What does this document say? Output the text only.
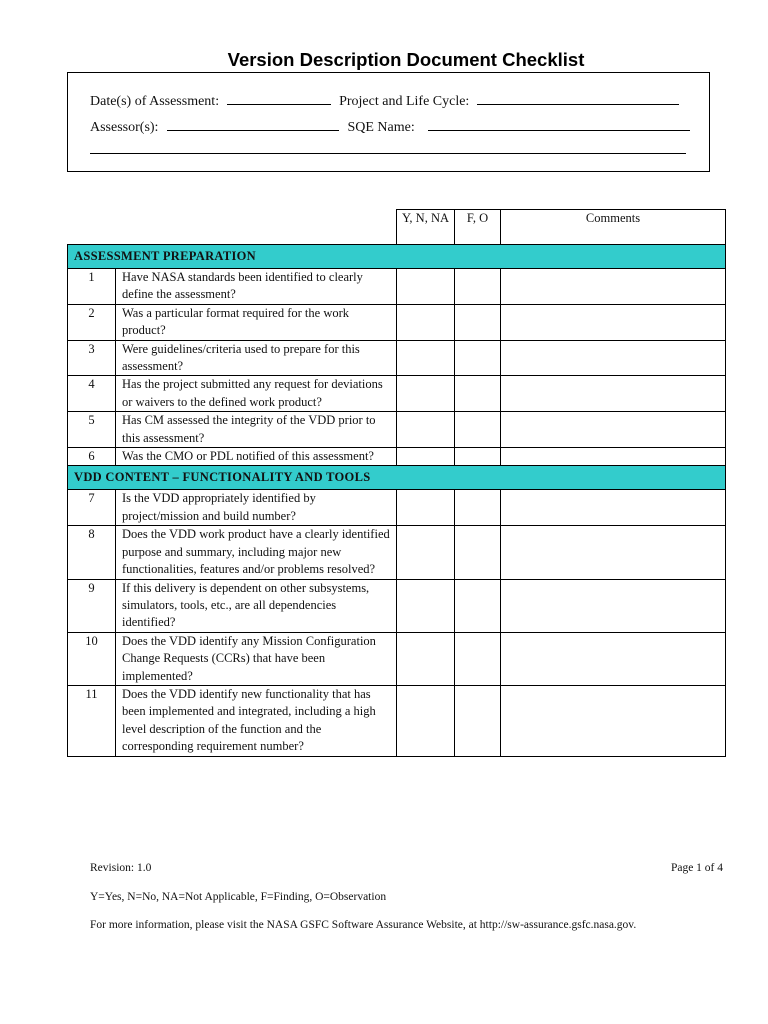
Version Description Document Checklist
Date(s) of Assessment:	Project and Life Cycle:
Assessor(s):	SQE Name:
		Y, N, NA	F, O	Comments
ASSESSMENT PREPARATION				
1	Have NASA standards been identified to clearly define the assessment?			
2	Was a particular format required for the work product?			
3	Were guidelines/criteria used to prepare for this assessment?			
4	Has the project submitted any request for deviations or waivers to the defined work product?			
5	Has CM assessed the integrity of the VDD prior to this assessment?			
6	Was the CMO or PDL notified of this assessment?			
VDD CONTENT – FUNCTIONALITY AND TOOLS				
7	Is the VDD appropriately identified by project/mission and build number?			
8	Does the VDD work product have a clearly identified purpose and summary, including major new functionalities, features and/or problems resolved?			
9	If this delivery is dependent on other subsystems, simulators, tools, etc., are all dependencies identified?			
10	Does the VDD identify any Mission Configuration Change Requests (CCRs) that have been implemented?			
11	Does the VDD identify new functionality that has been implemented and integrated, including a high level description of the function and the corresponding requirement number?			
Revision: 1.0	Page 1 of 4
Y=Yes, N=No, NA=Not Applicable, F=Finding, O=Observation
For more information, please visit the NASA GSFC Software Assurance Website, at http://sw-assurance.gsfc.nasa.gov.
